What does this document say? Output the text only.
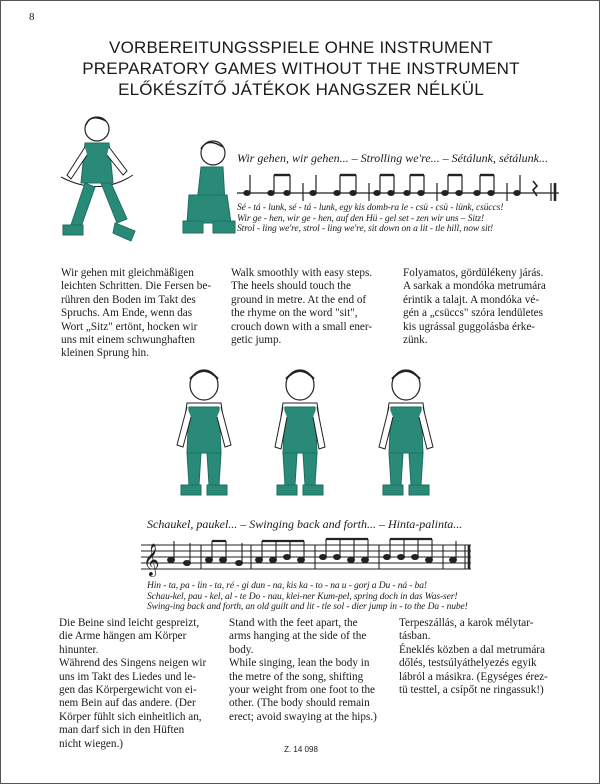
8
VORBEREITUNGSSPIELE OHNE INSTRUMENT
PREPARATORY GAMES WITHOUT THE INSTRUMENT
ELŐKÉSZÍTŐ JÁTÉKOK HANGSZER NÉLKÜL
Wir gehen, wir gehen... – Strolling we're... – Sétálunk, sétálunk...
Sé - tá - lunk, sé - tá - lunk, egy kis domb-ra le - csü - csü - lünk, csüccs!
Wir ge - hen, wir ge - hen, auf den Hü - gel set - zen wir uns – Sitz!
Strol - ling we're, strol - ling we're, sit down on a lit - tle hill, now sit!
Wir gehen mit gleichmäßigen
leichten Schritten. Die Fersen be-
rühren den Boden im Takt des
Spruchs. Am Ende, wenn das
Wort „Sitz" ertönt, hocken wir
uns mit einem schwunghaften
kleinen Sprung hin.
Walk smoothly with easy steps.
The heels should touch the
ground in metre. At the end of
the rhyme on the word "sit",
crouch down with a small ener-
getic jump.
Folyamatos, gördülékeny járás.
A sarkak a mondóka metrumára
érintik a talajt. A mondóka vé-
gén a „csüccs" szóra lendületes
kis ugrással guggolásba érke-
zünk.
Schaukel, paukel... – Swinging back and forth... – Hinta-palinta...
𝄞
Hin - ta, pa - lin - ta, ré - gi dun - na, kis ka - to - na u - gorj a Du - ná - ba!
Schau-kel, pau - kel, al - te Do - nau, klei-ner Kum-pel, spring doch in das Was-ser!
Swing-ing back and forth, an old guilt and lit - tle sol - dier jump in - to the Da - nube!
Die Beine sind leicht gespreizt,
die Arme hängen am Körper
hinunter.
Während des Singens neigen wir
uns im Takt des Liedes und le-
gen das Körpergewicht von ei-
nem Bein auf das andere. (Der
Körper fühlt sich einheitlich an,
man darf sich in den Hüften
nicht wiegen.)
Stand with the feet apart, the
arms hanging at the side of the
body.
While singing, lean the body in
the metre of the song, shifting
your weight from one foot to the
other. (The body should remain
erect; avoid swaying at the hips.)
Terpeszállás, a karok mélytar-
tásban.
Éneklés közben a dal metrumára
dőlés, testsúlyáthelyezés egyik
lábról a másikra. (Egységes érez-
tü testtel, a csípőt ne ringassuk!)
Z. 14 098
